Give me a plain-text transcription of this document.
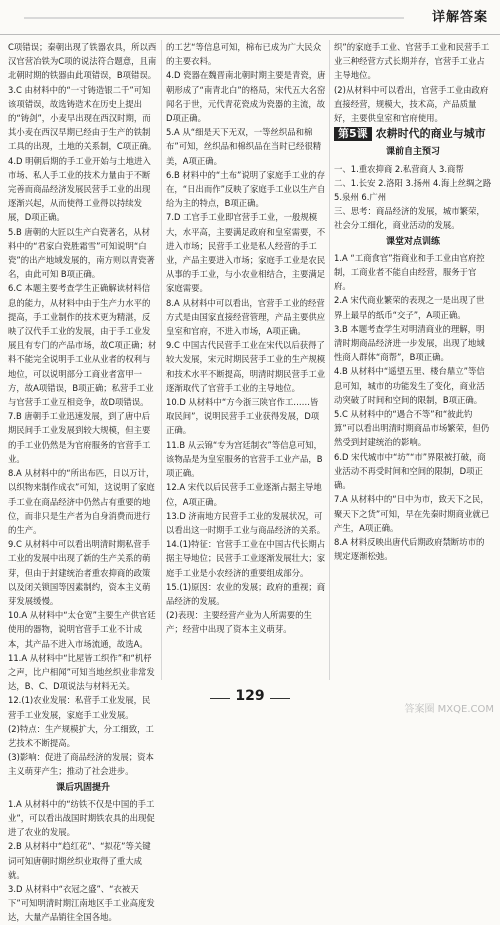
详解答案

C项错误；秦朝出现了铁器农具，所以西汉官营冶铁为C项的说法符合题意，且南北朝时期的铁器由此项错误，B项错误。

3.C 由材料中的“一寸铸造银二千”可知该项错误，故选铸造术在历史上提出的“铸剑”，小麦早出现在西汉时期，而其小麦在西汉早期已经由于生产的铁制工具的出现，土地的关系制，C项正确。

4.D 明朝后期的手工业开始与土地进入市场、私人手工业的技术力量由于不断完善而商品经济发展民营手工业的出现逐渐兴起，从而使得工业得以持续发展，D项正确。

5.B 唐朝的大匠以生产白瓷著名，从材料中的“君家白瓷胜霜雪”可知说明“白瓷”的出产地域发展的，南方则以青瓷著名，由此可知 B项正确。

6.C 本题主要考查学生正确解读材料信息的能力，从材料中由于生产力水平的提高，手工业制作的技术更为精湛，反映了汉代手工业的发展，由于手工业发展且有专门的产品市场，故C项正确；材料不能完全说明手工业从业者的权利与地位，可以说明部分工商业者富甲一方，故A项错误，B项正确；私营手工业与官营手工业互相竞争，故D项错误。

7.B 唐朝手工业迅速发展，到了唐中后期民间手工业发展到较大规模，但主要的手工业仍然是为官府服务的官营手工业。

8.A 从材料中的“所出布匹，日以万计，以织物来制作成衣”可知，这说明了家庭手工业在商品经济中仍然占有重要的地位，而非只是生产者为自身消费而进行的生产。

9.C 从材料中可以看出明清时期私营手工业的发展中出现了新的生产关系的萌芽，但由于封建统治者重农抑商的政策以及闭关锁国等因素制约，资本主义萌芽发展缓慢。

10.A 从材料中“太仓宽”主要生产供官廷使用的器物，说明官营手工业不计成本，其产品不进入市场流通，故选A。

11.A 从材料中“比屋皆工织作”和“机杼之声，比户相闻”可知当地丝织业非常发达，B、C、D项说法与材料无关。

12.(1)农业发展：私营手工业发展，民营手工业发展，家庭手工业发展。

(2)特点：生产规模扩大，分工细致，工艺技术不断提高。

(3)影响：促进了商品经济的发展；资本主义萌芽产生；推动了社会进步。

课后巩固提升

1.A 从材料中的“纺铁不仅是中国的手工业”，可以看出战国时期铁农具的出现促进了农业的发展。

2.B 从材料中“趋红花”、“拟花”等关键词可知唐朝时期丝织业取得了重大成就。

3.D 从材料中“衣冠之盛”、“衣被天下”可知明清时期江南地区手工业高度发达，大量产品销往全国各地。

的工艺“等信息可知，棉布已成为广大民众的主要衣料。

4.D 瓷器在魏晋南北朝时期主要是青瓷，唐朝形成了“南青北白”的格局，宋代五大名窑闻名于世，元代青花瓷成为瓷器的主流，故D项正确。

5.A 从“细是天下无双，一等丝织品和棉布”可知，丝织品和棉织品在当时已经很精美，A项正确。

6.B 材料中的“土布”说明了家庭手工业的存在，“日出而作”反映了家庭手工业以生产自给为主的特点，B项正确。

7.D 工官手工业即官营手工业，一般规模大，水平高，主要满足政府和皇室需要，不进入市场；民营手工业是私人经营的手工业，产品主要进入市场；家庭手工业是农民从事的手工业，与小农业相结合，主要满足家庭需要。

8.A 从材料中可以看出，官营手工业的经营方式是由国家直接经营管理，产品主要供应皇室和官府，不进入市场，A项正确。

9.C 中国古代民营手工业在宋代以后获得了较大发展，宋元时期民营手工业的生产规模和技术水平不断提高，明清时期民营手工业逐渐取代了官营手工业的主导地位。

10.D 从材料中“方今浙三陕官作工……皆取民间”，说明民营手工业获得发展，D项正确。

11.B 从云锦“专为宫廷制衣”等信息可知，该物品是为皇室服务的官营手工业产品，B项正确。

12.A 宋代以后民营手工业逐渐占据主导地位，A项正确。

13.D 济南地方民营手工业的发展状况，可以看出这一时期手工业与商品经济的关系。

14.(1)特征：官营手工业在中国古代长期占据主导地位；民营手工业逐渐发展壮大；家庭手工业是小农经济的重要组成部分。

15.(1)原因：农业的发展；政府的重视；商品经济的发展。

(2)表现：主要经营产业为人所需要的生产；经营中出现了资本主义萌芽。

织”的家庭手工业、官营手工业和民营手工业三种经营方式长期并存，官营手工业占主导地位。

(2)从材料中可以看出，官营手工业由政府直接经营，规模大，技术高，产品质量好，主要供皇室和官府使用。

第5课 农耕时代的商业与城市

课前自主预习

一、1.重农抑商 2.私营商人 3.商帮

二、1.长安 2.洛阳 3.扬州 4.海上丝绸之路 5.泉州 6.广州

三、思考：商品经济的发展，城市繁荣，社会分工细化，商业活动的发展。

课堂对点训练

1.A “工商食官”指商业和手工业由官府控制，工商业者不能自由经营，服务于官府。

2.A 宋代商业繁荣的表现之一是出现了世界上最早的纸币“交子”，A项正确。

3.B 本题考查学生对明清商业的理解，明清时期商品经济进一步发展，出现了地域性商人群体“商帮”，B项正确。

4.B 从材料中“遥望五里、楼台鼎立”等信息可知，城市的功能发生了变化，商业活动突破了时间和空间的限制，B项正确。

5.C 从材料中的“遇合不等”和“彼此钓算”可以看出明清时期商品市场繁荣，但仍然受到封建统治的影响。

6.D 宋代城市中“坊”“市”界限被打破，商业活动不再受时间和空间的限制，D项正确。

7.A 从材料中的“日中为市，致天下之民，聚天下之货”可知，早在先秦时期商业就已产生，A项正确。

8.A 材料反映出唐代后期政府禁断坊市的规定逐渐松弛。

129
答案圈 MXQE.COM
